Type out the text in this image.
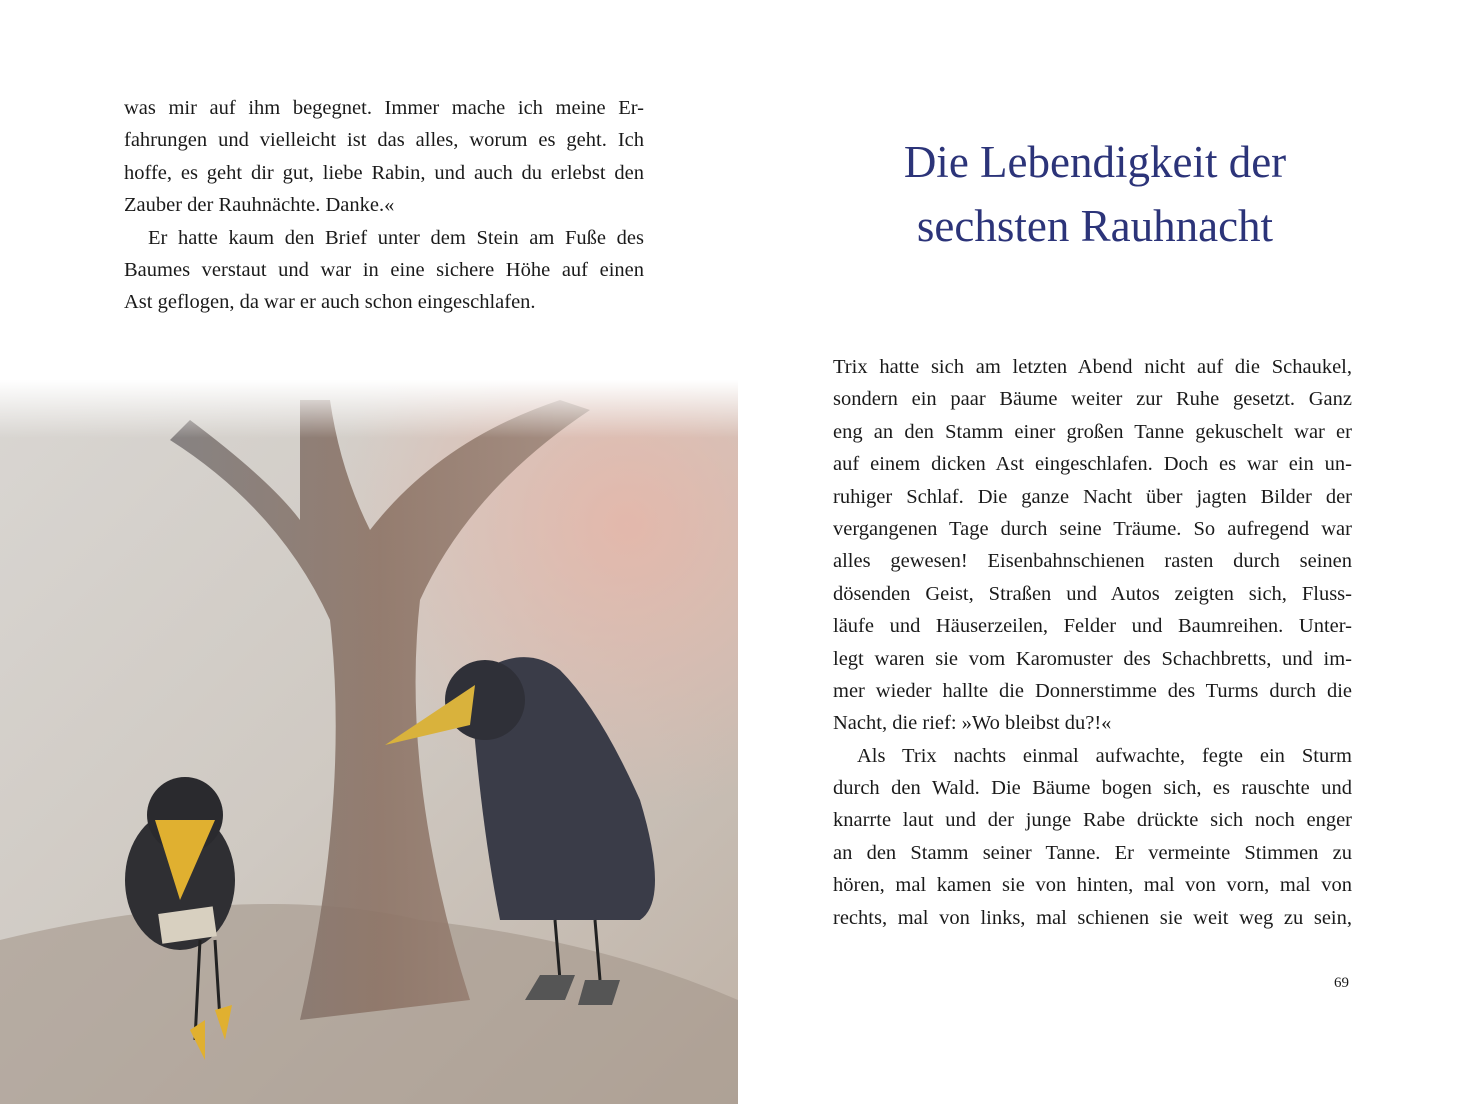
was mir auf ihm begegnet. Immer mache ich meine Er-
fahrungen und vielleicht ist das alles, worum es geht. Ich
hoffe, es geht dir gut, liebe Rabin, und auch du erlebst den
Zauber der Rauhnächte. Danke.«
Er hatte kaum den Brief unter dem Stein am Fuße des
Baumes verstaut und war in eine sichere Höhe auf einen
Ast geflogen, da war er auch schon eingeschlafen.
Die Lebendigkeit der
sechsten Rauhnacht
Trix hatte sich am letzten Abend nicht auf die Schaukel,
sondern ein paar Bäume weiter zur Ruhe gesetzt. Ganz
eng an den Stamm einer großen Tanne gekuschelt war er
auf einem dicken Ast eingeschlafen. Doch es war ein un-
ruhiger Schlaf. Die ganze Nacht über jagten Bilder der
vergangenen Tage durch seine Träume. So aufregend war
alles gewesen! Eisenbahnschienen rasten durch seinen
dösenden Geist, Straßen und Autos zeigten sich, Fluss-
läufe und Häuserzeilen, Felder und Baumreihen. Unter-
legt waren sie vom Karomuster des Schachbretts, und im-
mer wieder hallte die Donnerstimme des Turms durch die
Nacht, die rief: »Wo bleibst du?!«
Als Trix nachts einmal aufwachte, fegte ein Sturm
durch den Wald. Die Bäume bogen sich, es rauschte und
knarrte laut und der junge Rabe drückte sich noch enger
an den Stamm seiner Tanne. Er vermeinte Stimmen zu
hören, mal kamen sie von hinten, mal von vorn, mal von
rechts, mal von links, mal schienen sie weit weg zu sein,
69
